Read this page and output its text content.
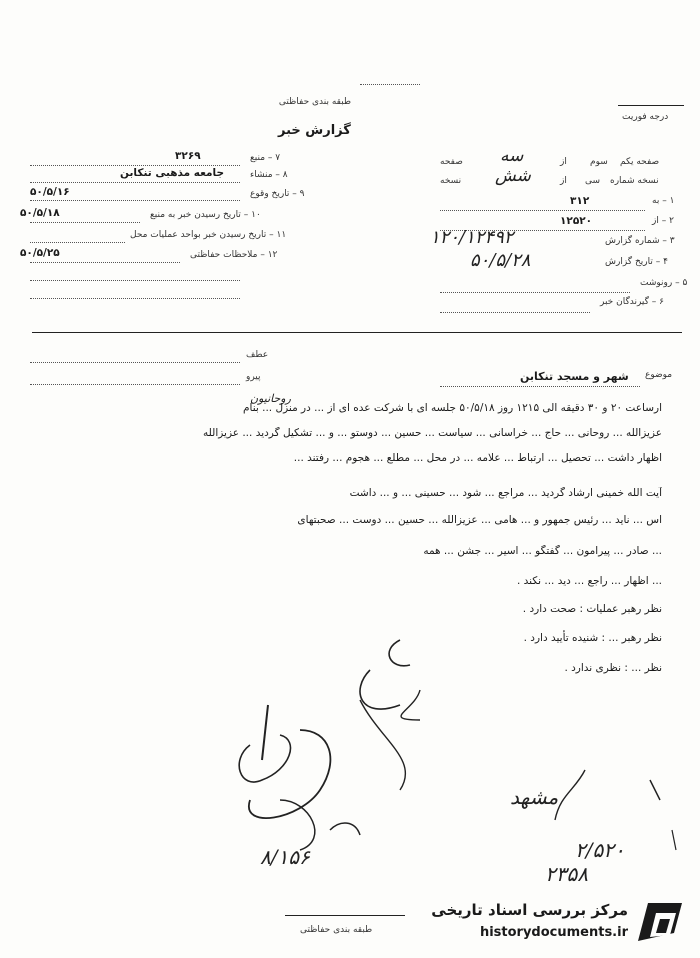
طبقه بندی حفاظتی
گزارش خبر
درجه فوریت
۷ – منبع
۳۲۶۹
۸ – منشاء
جامعه مذهبی تنکابن
۹ – تاریخ وقوع
۵۰/۵/۱۶
۱۰ – تاریخ رسیدن خبر به منبع
۵۰/۵/۱۸
۱۱ – تاریخ رسیدن خبر بواحد عملیات محل
۱۲ – ملاحظات حفاظتی
۵۰/۵/۲۵
صفحه یکم
سوم
از
سه
صفحه
نسخه شماره
سی
از
شش
نسخه
۱ – به
۳۱۲
۲ – از
۱۲۵۲۰
۳ – شماره گزارش
۱۲۰/۱۲۴۹۲
۴ – تاریخ گزارش
۵۰/۵/۲۸
۵ – رونوشت
۶ – گیرندگان خبر
عطف
پیرو	موضوع
شهر و مسجد تنکابن
روحانیون
ارساعت ۲۰ و ۳۰ دقیقه الی ۱۲۱۵ روز ۵۰/۵/۱۸ جلسه ای با شرکت عده ای از ... در منزل ... بنام
عزیزالله ... روحانی ... حاج ... خراسانی ... سیاست ... حسین ... دوستو ... و ... تشکیل گردید ... عزیزالله
اظهار داشت ... تحصیل ... ارتباط ... علامه ... در محل ... مطلع ... هجوم ... رفتند ...
آیت الله خمینی ارشاد گردید ... مراجع ... شود ... حسینی ... و ... داشت
اس ... ناید ... رئیس جمهور و ... هامی ... عزیزالله ... حسین ... دوست ... صحبتهای
... صادر ... پیرامون ... گفتگو ... اسیر ... جشن ... همه
... اظهار ... راجع ... دید ... نکند .
نظر رهبر عملیات : صحت دارد .
نظر رهبر ... : شنیده تأیید دارد .
نظر ... : نظری ندارد .
مشهد
۲/۵۲۰
۲۳۵۸
۸/۱۵۶
طبقه بندی حفاظتی
مرکز بررسی اسناد تاریخی
historydocuments.ir
